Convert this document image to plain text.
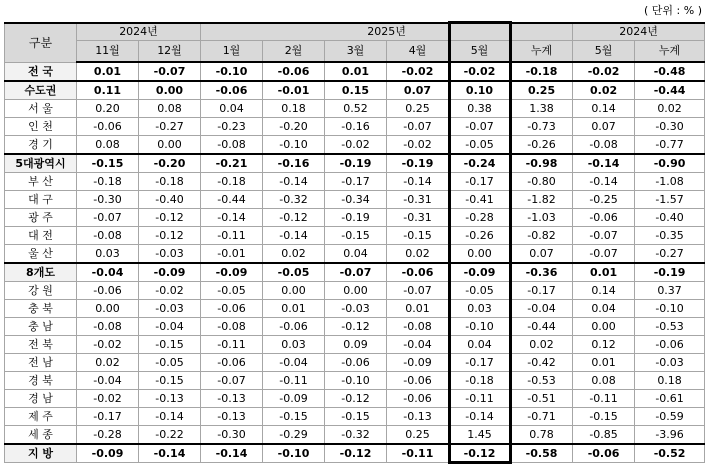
( 단위 : % )
구분	2024년		2025년						2024년	
	11월	12월	1월	2월	3월	4월	5월	누계	5월	누계
전 국	0.01	-0.07	-0.10	-0.06	0.01	-0.02	-0.02	-0.18	-0.02	-0.48
수도권	0.11	0.00	-0.06	-0.01	0.15	0.07	0.10	0.25	0.02	-0.44
서 울	0.20	0.08	0.04	0.18	0.52	0.25	0.38	1.38	0.14	0.02
인 천	-0.06	-0.27	-0.23	-0.20	-0.16	-0.07	-0.07	-0.73	0.07	-0.30
경 기	0.08	0.00	-0.08	-0.10	-0.02	-0.02	-0.05	-0.26	-0.08	-0.77
5대광역시	-0.15	-0.20	-0.21	-0.16	-0.19	-0.19	-0.24	-0.98	-0.14	-0.90
부 산	-0.18	-0.18	-0.18	-0.14	-0.17	-0.14	-0.17	-0.80	-0.14	-1.08
대 구	-0.30	-0.40	-0.44	-0.32	-0.34	-0.31	-0.41	-1.82	-0.25	-1.57
광 주	-0.07	-0.12	-0.14	-0.12	-0.19	-0.31	-0.28	-1.03	-0.06	-0.40
대 전	-0.08	-0.12	-0.11	-0.14	-0.15	-0.15	-0.26	-0.82	-0.07	-0.35
울 산	0.03	-0.03	-0.01	0.02	0.04	0.02	0.00	0.07	-0.07	-0.27
8개도	-0.04	-0.09	-0.09	-0.05	-0.07	-0.06	-0.09	-0.36	0.01	-0.19
강 원	-0.06	-0.02	-0.05	0.00	0.00	-0.07	-0.05	-0.17	0.14	0.37
충 북	0.00	-0.03	-0.06	0.01	-0.03	0.01	0.03	-0.04	0.04	-0.10
충 남	-0.08	-0.04	-0.08	-0.06	-0.12	-0.08	-0.10	-0.44	0.00	-0.53
전 북	-0.02	-0.15	-0.11	0.03	0.09	-0.04	0.04	0.02	0.12	-0.06
전 남	0.02	-0.05	-0.06	-0.04	-0.06	-0.09	-0.17	-0.42	0.01	-0.03
경 북	-0.04	-0.15	-0.07	-0.11	-0.10	-0.06	-0.18	-0.53	0.08	0.18
경 남	-0.02	-0.13	-0.13	-0.09	-0.12	-0.06	-0.11	-0.51	-0.11	-0.61
제 주	-0.17	-0.14	-0.13	-0.15	-0.15	-0.13	-0.14	-0.71	-0.15	-0.59
세 종	-0.28	-0.22	-0.30	-0.29	-0.32	0.25	1.45	0.78	-0.85	-3.96
지 방	-0.09	-0.14	-0.14	-0.10	-0.12	-0.11	-0.12	-0.58	-0.06	-0.52
